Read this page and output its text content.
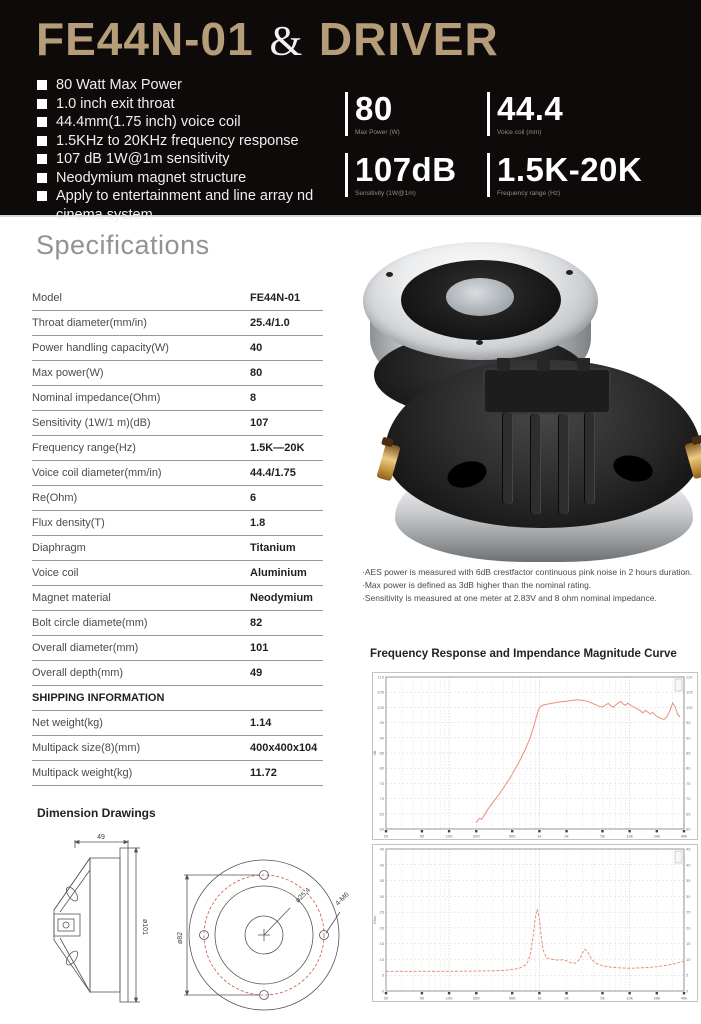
FE44N-01 & DRIVER
80 Watt Max Power
1.0 inch exit throat
44.4mm(1.75 inch) voice coil
1.5KHz to 20KHz frequency response
107 dB 1W@1m sensitivity
Neodymium magnet structure
Apply to entertainment and line array nd cinema system
80
Max Power (W)
44.4
Voice coil (mm)
107dB
Sensitivity (1W@1m)
1.5K-20K
Frequency range (Hz)
Specifications
Model	FE44N-01
Throat diameter(mm/in)	25.4/1.0
Power handling capacity(W)	40
Max power(W)	80
Nominal impedance(Ohm)	8
Sensitivity (1W/1 m)(dB)	107
Frequency range(Hz)	1.5K—20K
Voice coil diameter(mm/in)	44.4/1.75
Re(Ohm)	6
Flux density(T)	1.8
Diaphragm	Titanium
Voice coil	Aluminium
Magnet material	Neodymium
Bolt circle diamete(mm)	82
Overall diameter(mm)	101
Overall depth(mm)	49
SHIPPING INFORMATION
Net weight(kg)	1.14
Multipack size(8)(mm)	400x400x104
Multipack weight(kg)	11.72

·AES power is measured with 6dB crestfactor continuous pink noise in 2 hours duration.

·Max power is defined as 3dB higher than the nominal rating.

·Sensitivity is measured at one meter at 2.83V and 8 ohm nominal impedance.

Frequency Response and Impendance Magnitude Curve
60	60
65	65
70	70
75	75
80	80
85	85
90	90
95	95
100	100
105	105
110	110
20	50	100	200	500	1k	2k	5k	10k	20k	40k
dB
0	0
5	5
10	10
15	15
20	20
25	25
30	30
35	35
40	40
45	45
20	50	100	200	500	1k	2k	5k	10k	20k	40k
Ohm
Dimension Drawings
49
ø101
ø25.4	4-M6
ø82
